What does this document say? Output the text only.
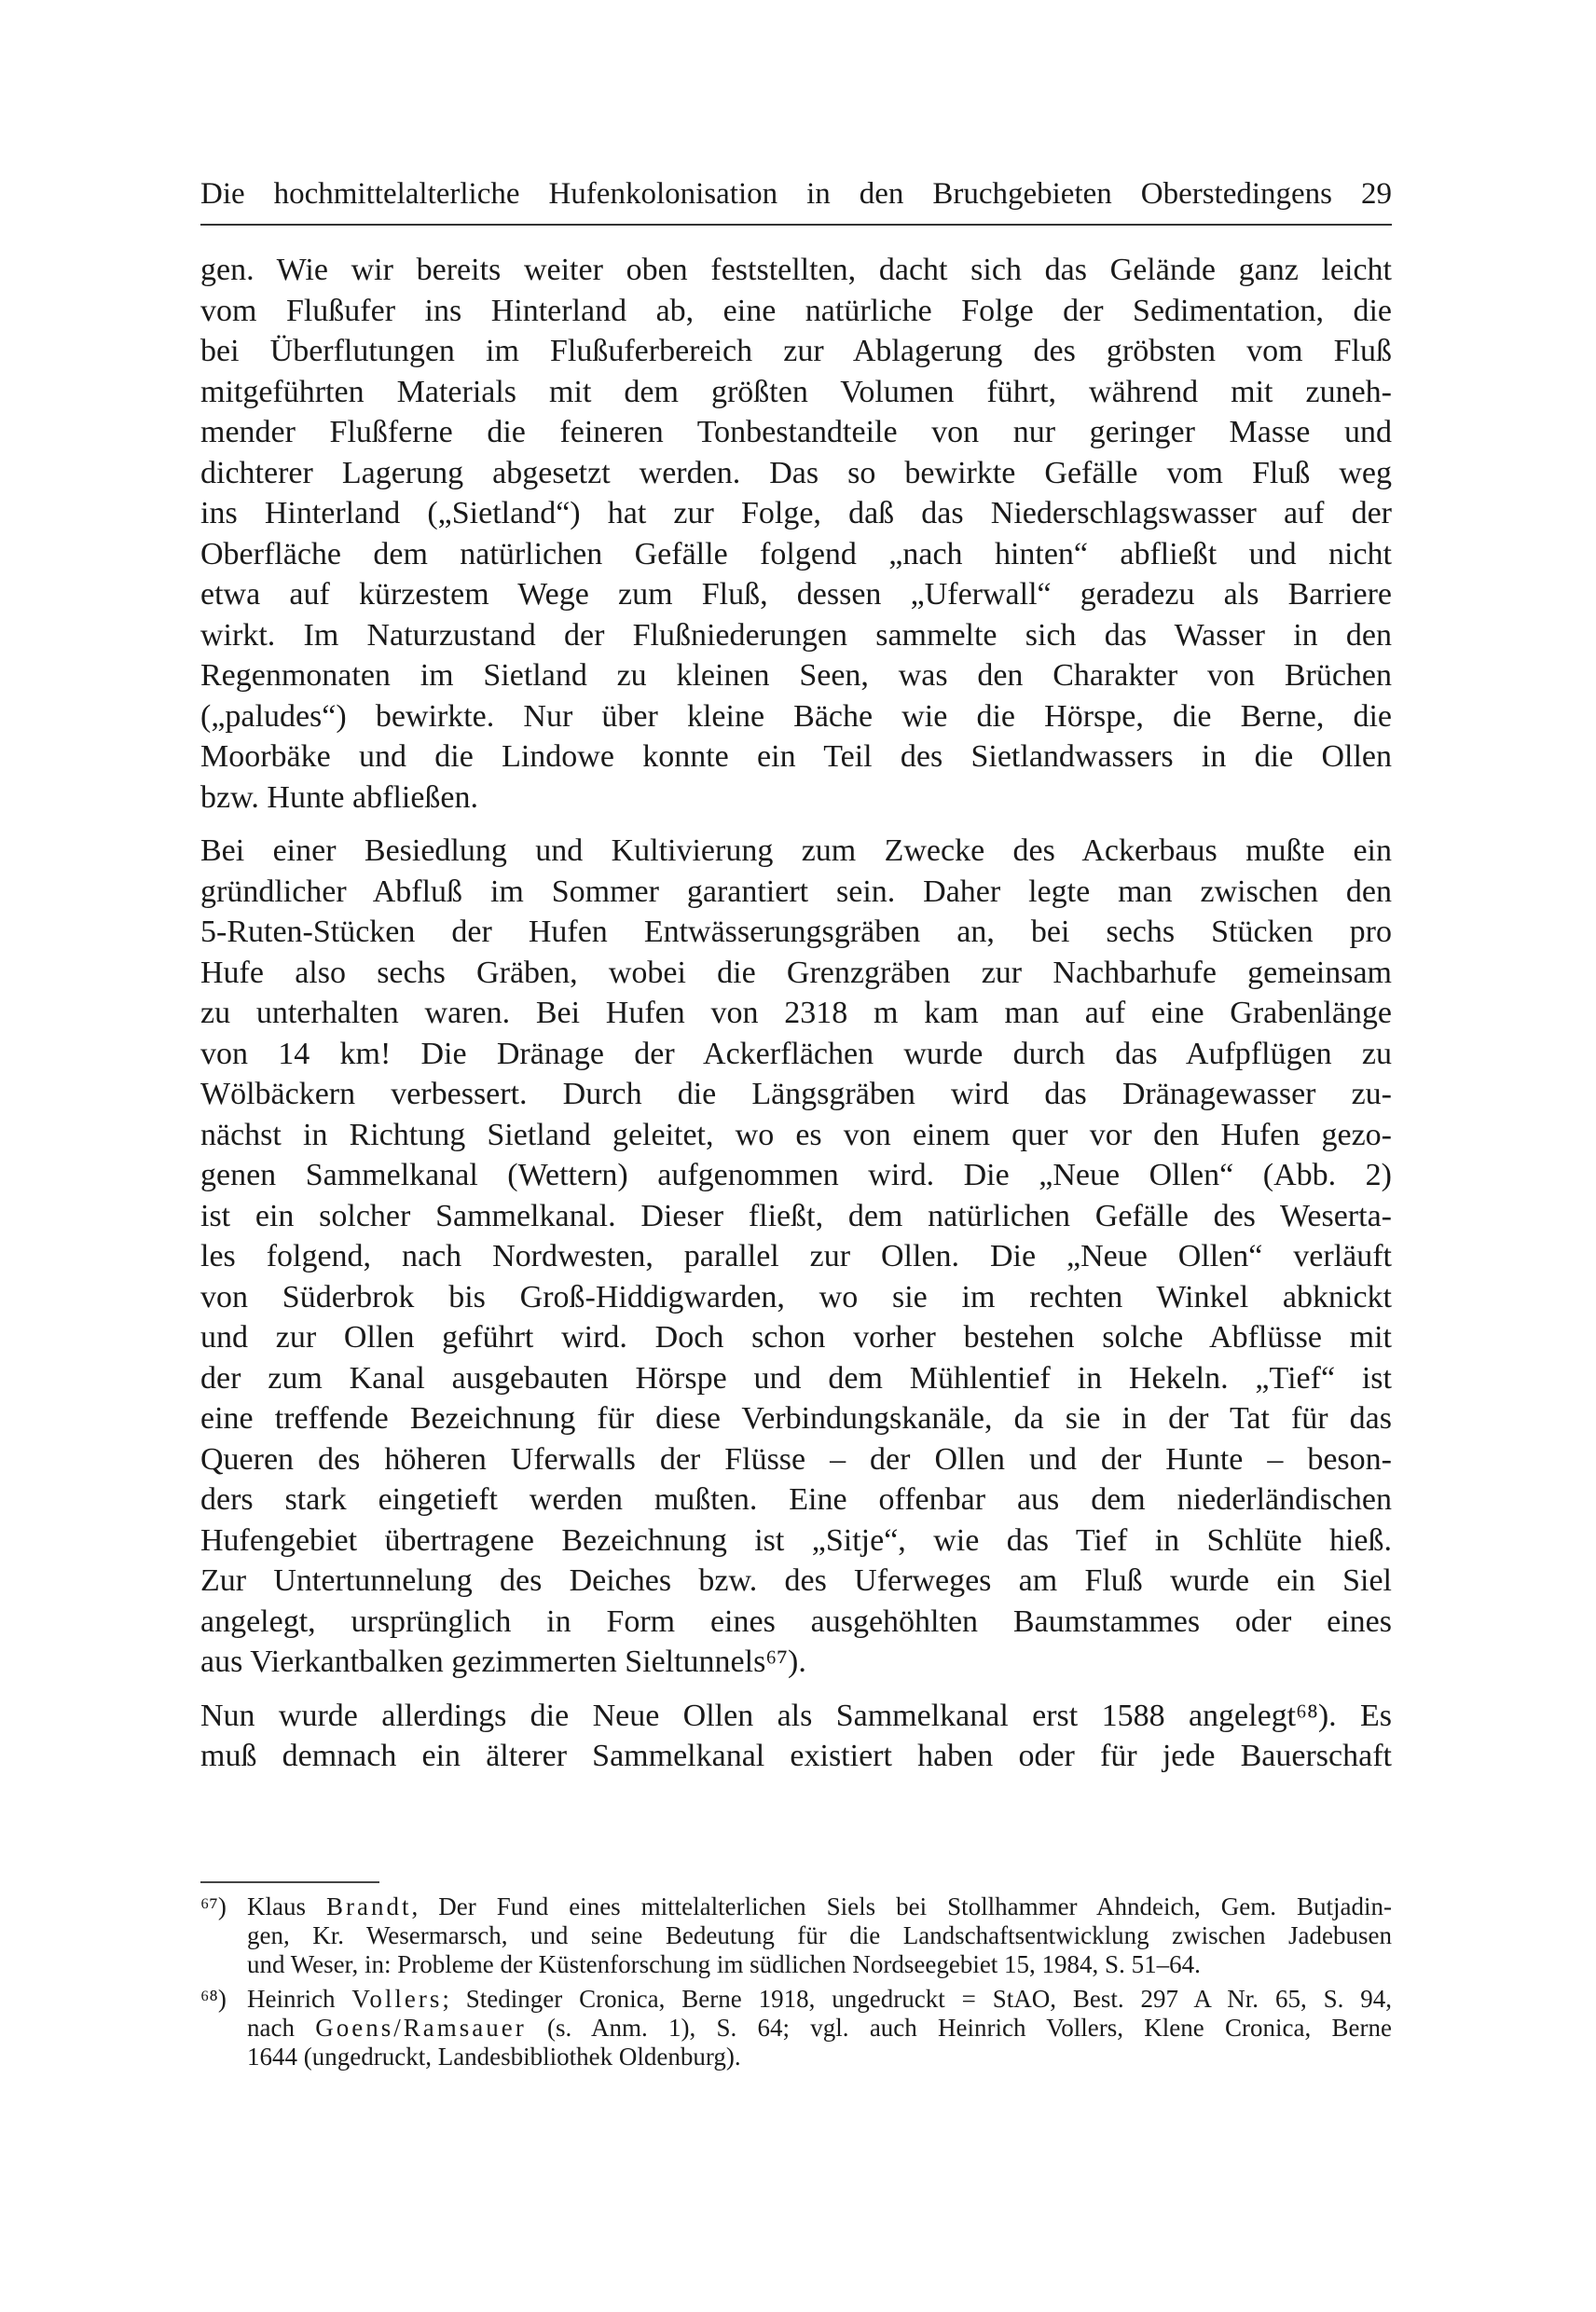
Die hochmittelalterliche Hufenkolonisation in den Bruchgebieten Oberstedingens 29

gen. Wie wir bereits weiter oben feststellten, dacht sich das Gelände ganz leicht
vom Flußufer ins Hinterland ab, eine natürliche Folge der Sedimentation, die
bei Überflutungen im Flußuferbereich zur Ablagerung des gröbsten vom Fluß
mitgeführten Materials mit dem größten Volumen führt, während mit zuneh-
mender Flußferne die feineren Tonbestandteile von nur geringer Masse und
dichterer Lagerung abgesetzt werden. Das so bewirkte Gefälle vom Fluß weg
ins Hinterland („Sietland“) hat zur Folge, daß das Niederschlagswasser auf der
Oberfläche dem natürlichen Gefälle folgend „nach hinten“ abfließt und nicht
etwa auf kürzestem Wege zum Fluß, dessen „Uferwall“ geradezu als Barriere
wirkt. Im Naturzustand der Flußniederungen sammelte sich das Wasser in den
Regenmonaten im Sietland zu kleinen Seen, was den Charakter von Brüchen
(„paludes“) bewirkte. Nur über kleine Bäche wie die Hörspe, die Berne, die
Moorbäke und die Lindowe konnte ein Teil des Sietlandwassers in die Ollen
bzw. Hunte abfließen.

Bei einer Besiedlung und Kultivierung zum Zwecke des Ackerbaus mußte ein
gründlicher Abfluß im Sommer garantiert sein. Daher legte man zwischen den
5-Ruten-Stücken der Hufen Entwässerungsgräben an, bei sechs Stücken pro
Hufe also sechs Gräben, wobei die Grenzgräben zur Nachbarhufe gemeinsam
zu unterhalten waren. Bei Hufen von 2318 m kam man auf eine Grabenlänge
von 14 km! Die Dränage der Ackerflächen wurde durch das Aufpflügen zu
Wölbäckern verbessert. Durch die Längsgräben wird das Dränagewasser zu-
nächst in Richtung Sietland geleitet, wo es von einem quer vor den Hufen gezo-
genen Sammelkanal (Wettern) aufgenommen wird. Die „Neue Ollen“ (Abb. 2)
ist ein solcher Sammelkanal. Dieser fließt, dem natürlichen Gefälle des Weserta-
les folgend, nach Nordwesten, parallel zur Ollen. Die „Neue Ollen“ verläuft
von Süderbrok bis Groß-Hiddigwarden, wo sie im rechten Winkel abknickt
und zur Ollen geführt wird. Doch schon vorher bestehen solche Abflüsse mit
der zum Kanal ausgebauten Hörspe und dem Mühlentief in Hekeln. „Tief“ ist
eine treffende Bezeichnung für diese Verbindungskanäle, da sie in der Tat für das
Queren des höheren Uferwalls der Flüsse – der Ollen und der Hunte – beson-
ders stark eingetieft werden mußten. Eine offenbar aus dem niederländischen
Hufengebiet übertragene Bezeichnung ist „Sitje“, wie das Tief in Schlüte hieß.
Zur Untertunnelung des Deiches bzw. des Uferweges am Fluß wurde ein Siel
angelegt, ursprünglich in Form eines ausgehöhlten Baumstammes oder eines
aus Vierkantbalken gezimmerten Sieltunnels⁶⁷).

Nun wurde allerdings die Neue Ollen als Sammelkanal erst 1588 angelegt⁶⁸). Es
muß demnach ein älterer Sammelkanal existiert haben oder für jede Bauerschaft

⁶⁷) Klaus Brandt, Der Fund eines mittelalterlichen Siels bei Stollhammer Ahndeich, Gem. Butjadin-
gen, Kr. Wesermarsch, und seine Bedeutung für die Landschaftsentwicklung zwischen Jadebusen
und Weser, in: Probleme der Küstenforschung im südlichen Nordseegebiet 15, 1984, S. 51–64.
⁶⁸) Heinrich Vollers; Stedinger Cronica, Berne 1918, ungedruckt = StAO, Best. 297 A Nr. 65, S. 94,
nach Goens/Ramsauer (s. Anm. 1), S. 64; vgl. auch Heinrich Vollers, Klene Cronica, Berne
1644 (ungedruckt, Landesbibliothek Oldenburg).
